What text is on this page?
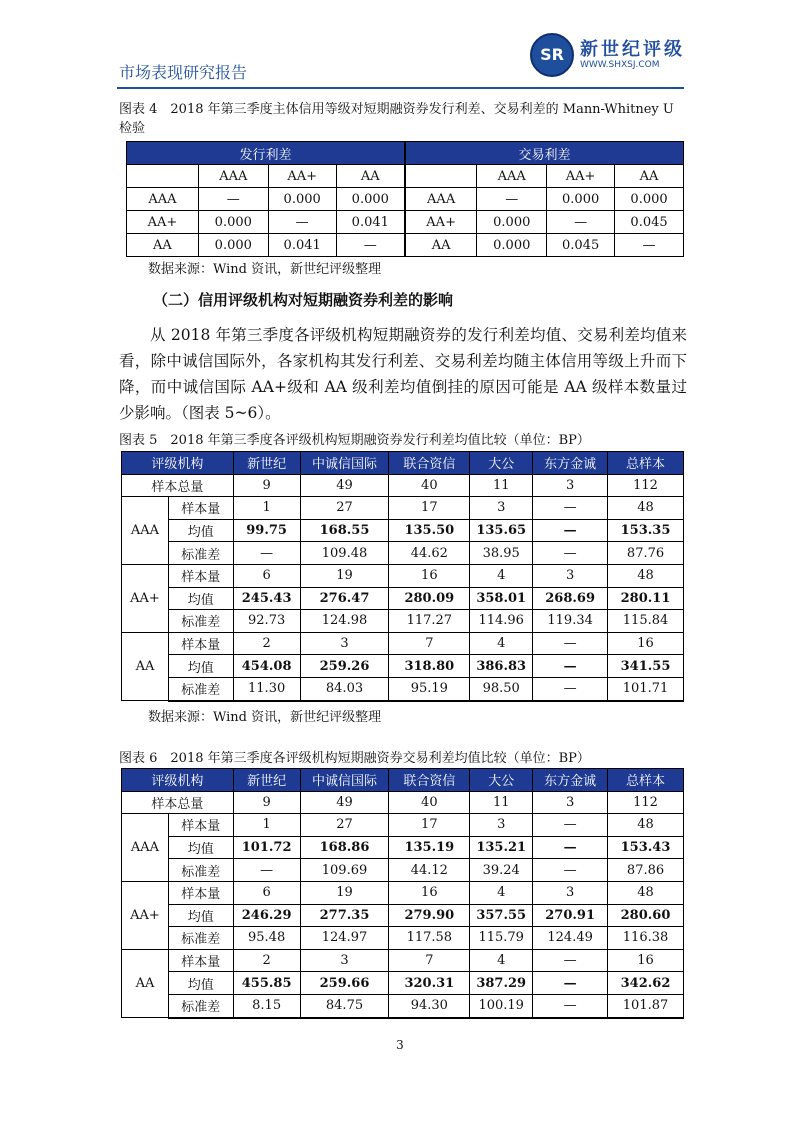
市场表现研究报告
SR 新世纪评级
WWW.SHXSJ.COM
图表 4　2018 年第三季度主体信用等级对短期融资券发行利差、交易利差的 Mann-Whitney U 检验
发行利差				交易利差			
	AAA	AA+	AA		AAA	AA+	AA
AAA	—	0.000	0.000	AAA	—	0.000	0.000
AA+	0.000	—	0.041	AA+	0.000	—	0.045
AA	0.000	0.041	—	AA	0.000	0.045	—
数据来源：Wind 资讯，新世纪评级整理
（二）信用评级机构对短期融资券利差的影响
从 2018 年第三季度各评级机构短期融资券的发行利差均值、交易利差均值来看，除中诚信国际外，各家机构其发行利差、交易利差均随主体信用等级上升而下降，而中诚信国际 AA+级和 AA 级利差均值倒挂的原因可能是 AA 级样本数量过少影响。（图表 5~6）。
图表 5　2018 年第三季度各评级机构短期融资券发行利差均值比较（单位：BP）
评级机构		新世纪	中诚信国际	联合资信	大公	东方金诚	总样本
样本总量		9	49	40	11	3	112
AAA	样本量	1	27	17	3	—	48
	均值	99.75	168.55	135.50	135.65	—	153.35
	标准差	—	109.48	44.62	38.95	—	87.76
AA+	样本量	6	19	16	4	3	48
	均值	245.43	276.47	280.09	358.01	268.69	280.11
	标准差	92.73	124.98	117.27	114.96	119.34	115.84
AA	样本量	2	3	7	4	—	16
	均值	454.08	259.26	318.80	386.83	—	341.55
	标准差	11.30	84.03	95.19	98.50	—	101.71
数据来源：Wind 资讯，新世纪评级整理
图表 6　2018 年第三季度各评级机构短期融资券交易利差均值比较（单位：BP）
评级机构		新世纪	中诚信国际	联合资信	大公	东方金诚	总样本
样本总量		9	49	40	11	3	112
AAA	样本量	1	27	17	3	—	48
	均值	101.72	168.86	135.19	135.21	—	153.43
	标准差	—	109.69	44.12	39.24	—	87.86
AA+	样本量	6	19	16	4	3	48
	均值	246.29	277.35	279.90	357.55	270.91	280.60
	标准差	95.48	124.97	117.58	115.79	124.49	116.38
AA	样本量	2	3	7	4	—	16
	均值	455.85	259.66	320.31	387.29	—	342.62
	标准差	8.15	84.75	94.30	100.19	—	101.87
3
